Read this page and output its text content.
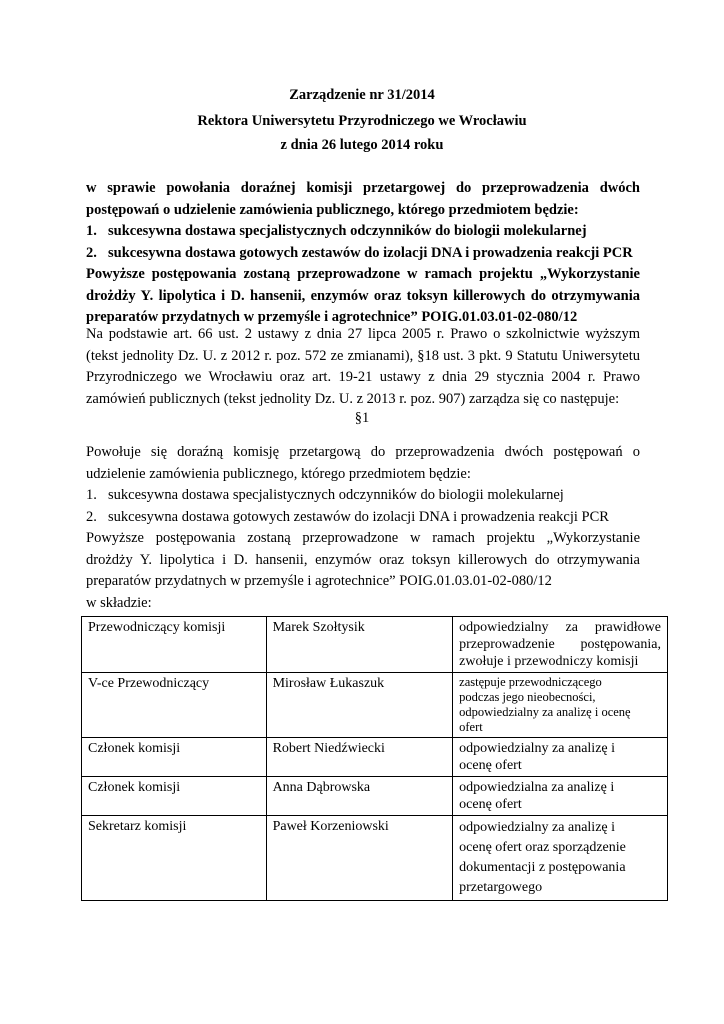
Zarządzenie nr 31/2014
Rektora Uniwersytetu Przyrodniczego we Wrocławiu
z dnia 26 lutego 2014 roku
w sprawie powołania doraźnej komisji przetargowej do przeprowadzenia dwóch
postępowań o udzielenie zamówienia publicznego, którego przedmiotem będzie:
1. sukcesywna dostawa specjalistycznych odczynników do biologii molekularnej
2. sukcesywna dostawa gotowych zestawów do izolacji DNA i prowadzenia reakcji PCR
Powyższe postępowania zostaną przeprowadzone w ramach projektu „Wykorzystanie
drożdży Y. lipolytica i D. hansenii, enzymów oraz toksyn killerowych do otrzymywania
preparatów przydatnych w przemyśle i agrotechnice” POIG.01.03.01-02-080/12
Na podstawie art. 66 ust. 2 ustawy z dnia 27 lipca 2005 r. Prawo o szkolnictwie wyższym
(tekst jednolity Dz. U. z 2012 r. poz. 572 ze zmianami), §18 ust. 3 pkt. 9 Statutu Uniwersytetu
Przyrodniczego we Wrocławiu oraz art. 19-21 ustawy z dnia 29 stycznia 2004 r. Prawo
zamówień publicznych (tekst jednolity Dz. U. z 2013 r. poz. 907) zarządza się co następuje:
§1
Powołuje się doraźną komisję przetargową do przeprowadzenia dwóch postępowań o
udzielenie zamówienia publicznego, którego przedmiotem będzie:
1. sukcesywna dostawa specjalistycznych odczynników do biologii molekularnej
2. sukcesywna dostawa gotowych zestawów do izolacji DNA i prowadzenia reakcji PCR
Powyższe postępowania zostaną przeprowadzone w ramach projektu „Wykorzystanie
drożdży Y. lipolytica i D. hansenii, enzymów oraz toksyn killerowych do otrzymywania
preparatów przydatnych w przemyśle i agrotechnice” POIG.01.03.01-02-080/12
w składzie:
Przewodniczący komisji	Marek Szołtysik	odpowiedzialny za prawidłowe
przeprowadzenie postępowania,
zwołuje i przewodniczy komisji

V-ce Przewodniczący	Mirosław Łukaszuk	zastępuje przewodniczącego
podczas jego nieobecności,
odpowiedzialny za analizę i ocenę
ofert

Członek komisji	Robert Niedźwiecki	odpowiedzialny za analizę i
ocenę ofert

Członek komisji	Anna Dąbrowska	odpowiedzialna za analizę i
ocenę ofert

Sekretarz komisji	Paweł Korzeniowski	odpowiedzialny za analizę i
ocenę ofert oraz sporządzenie
dokumentacji z postępowania
przetargowego
